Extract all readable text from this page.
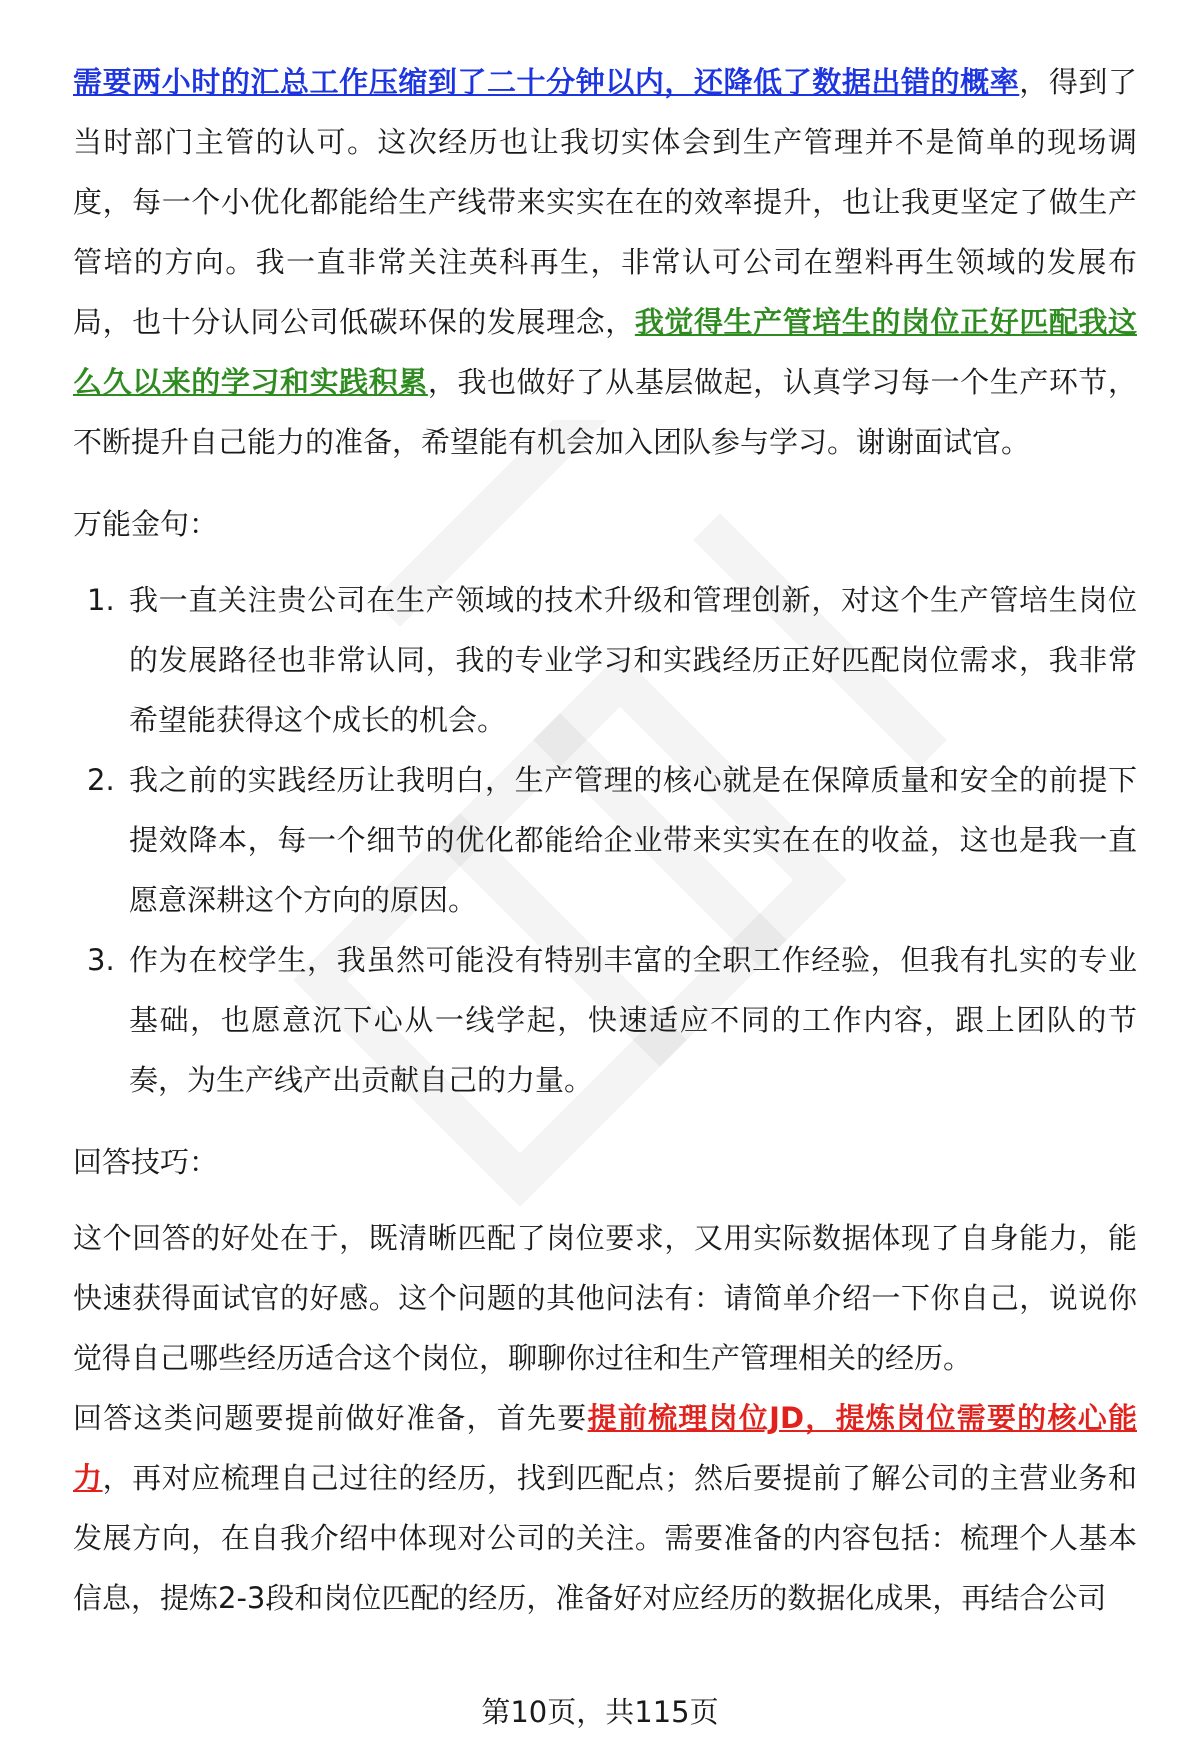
需要两小时的汇总工作压缩到了二十分钟以内，还降低了数据出错的概率，得到了当时部门主管的认可。这次经历也让我切实体会到生产管理并不是简单的现场调度，每一个小优化都能给生产线带来实实在在的效率提升，也让我更坚定了做生产管培的方向。我一直非常关注英科再生，非常认可公司在塑料再生领域的发展布局，也十分认同公司低碳环保的发展理念，我觉得生产管培生的岗位正好匹配我这么久以来的学习和实践积累，我也做好了从基层做起，认真学习每一个生产环节，不断提升自己能力的准备，希望能有机会加入团队参与学习。谢谢面试官。

万能金句：

1. 我一直关注贵公司在生产领域的技术升级和管理创新，对这个生产管培生岗位的发展路径也非常认同，我的专业学习和实践经历正好匹配岗位需求，我非常希望能获得这个成长的机会。
2. 我之前的实践经历让我明白，生产管理的核心就是在保障质量和安全的前提下提效降本，每一个细节的优化都能给企业带来实实在在的收益，这也是我一直愿意深耕这个方向的原因。
3. 作为在校学生，我虽然可能没有特别丰富的全职工作经验，但我有扎实的专业基础，也愿意沉下心从一线学起，快速适应不同的工作内容，跟上团队的节奏，为生产线产出贡献自己的力量。

回答技巧：

这个回答的好处在于，既清晰匹配了岗位要求，又用实际数据体现了自身能力，能快速获得面试官的好感。这个问题的其他问法有：请简单介绍一下你自己，说说你觉得自己哪些经历适合这个岗位，聊聊你过往和生产管理相关的经历。

回答这类问题要提前做好准备，首先要提前梳理岗位JD，提炼岗位需要的核心能力，再对应梳理自己过往的经历，找到匹配点；然后要提前了解公司的主营业务和发展方向，在自我介绍中体现对公司的关注。需要准备的内容包括：梳理个人基本信息，提炼2-3段和岗位匹配的经历，准备好对应经历的数据化成果，再结合公司

第10页，共115页
